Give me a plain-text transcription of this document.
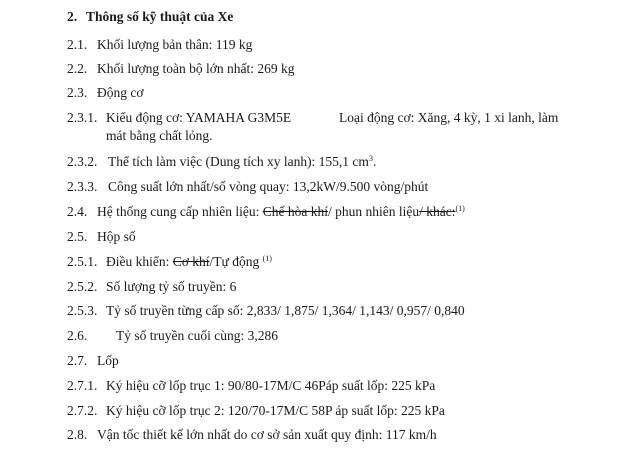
2. Thông số kỹ thuật của Xe
2.1. Khối lượng bản thân: 119 kg
2.2. Khối lượng toàn bộ lớn nhất: 269 kg
2.3. Động cơ
2.3.1. Kiểu động cơ: YAMAHA G3M5E	Loại động cơ: Xăng, 4 kỳ, 1 xi lanh, làm
mát bằng chất lỏng.
2.3.2. Thể tích làm việc (Dung tích xy lanh): 155,1 $cm^3$.
2.3.3. Công suất lớn nhất/số vòng quay: 13,2kW/9.500 vòng/phút
2.4. Hệ thống cung cấp nhiên liệu: Chế hòa khí/ phun nhiên liệu/ khác:$^{(1)}$
2.5. Hộp số
2.5.1. Điều khiển: Cơ khí/Tự động $^{(1)}$
2.5.2. Số lượng tỷ số truyền: 6
2.5.3. Tỷ số truyền từng cấp số: 2,833/ 1,875/ 1,364/ 1,143/ 0,957/ 0,840
2.6. Tỷ số truyền cuối cùng: 3,286
2.7. Lốp
2.7.1. Ký hiệu cỡ lốp trục 1: 90/80-17M/C 46Páp suất lốp: 225 kPa
2.7.2. Ký hiệu cỡ lốp trục 2: 120/70-17M/C 58P áp suất lốp: 225 kPa
2.8. Vận tốc thiết kế lớn nhất do cơ sở sản xuất quy định: 117 km/h
